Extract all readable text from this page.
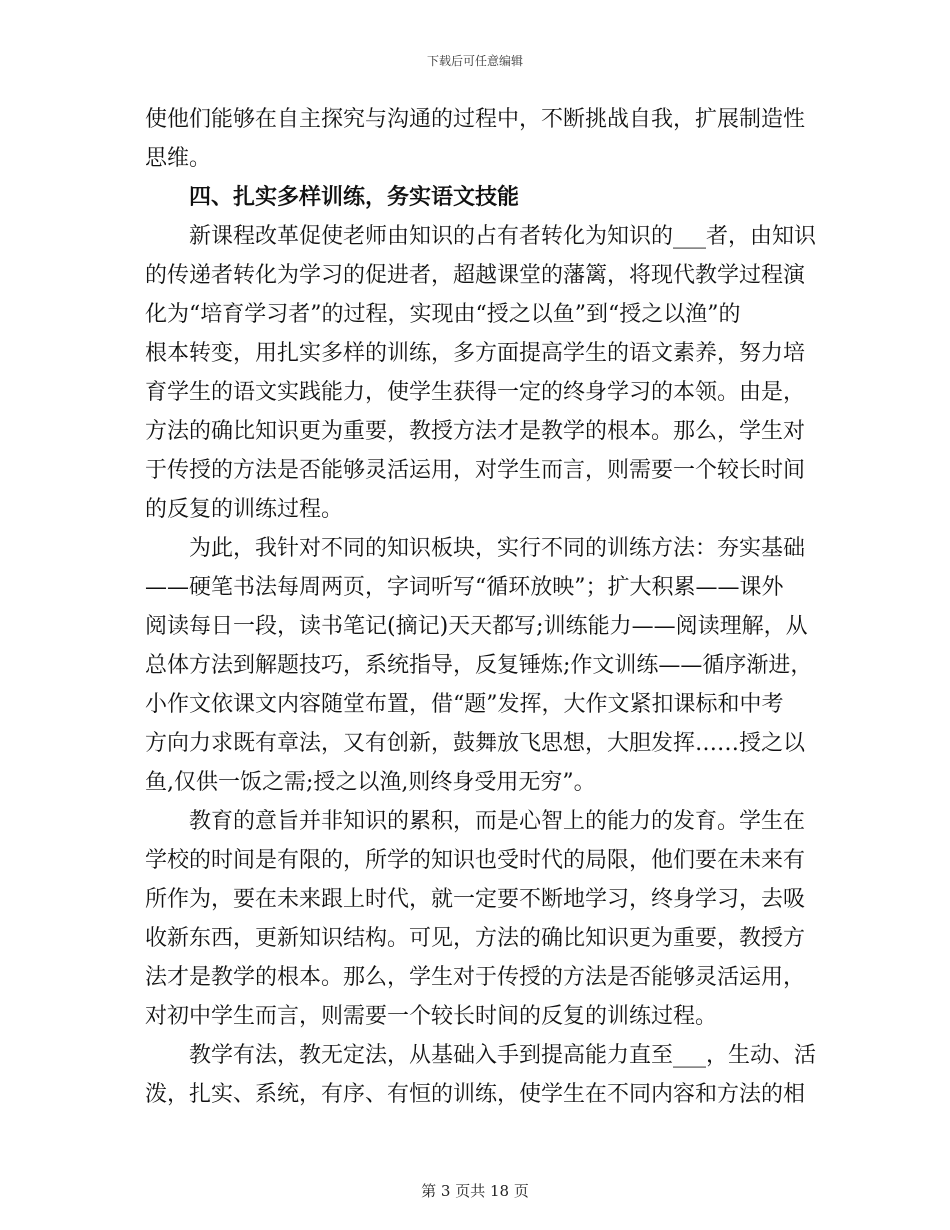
下载后可任意编辑
使他们能够在自主探究与沟通的过程中，不断挑战自我，扩展制造性
思维。
　　四、扎实多样训练，务实语文技能
　　新课程改革促使老师由知识的占有者转化为知识的___者，由知识
的传递者转化为学习的促进者，超越课堂的藩篱，将现代教学过程演
化为“培育学习者”的过程，实现由“授之以鱼”到“授之以渔”的
根本转变，用扎实多样的训练，多方面提高学生的语文素养，努力培
育学生的语文实践能力，使学生获得一定的终身学习的本领。由是，
方法的确比知识更为重要，教授方法才是教学的根本。那么，学生对
于传授的方法是否能够灵活运用，对学生而言，则需要一个较长时间
的反复的训练过程。
　　为此，我针对不同的知识板块，实行不同的训练方法：夯实基础
——硬笔书法每周两页，字词听写“循环放映”；扩大积累——课外
阅读每日一段，读书笔记(摘记)天天都写;训练能力——阅读理解，从
总体方法到解题技巧，系统指导，反复锤炼;作文训练——循序渐进，
小作文依课文内容随堂布置，借“题”发挥，大作文紧扣课标和中考
方向力求既有章法，又有创新，鼓舞放飞思想，大胆发挥……授之以
鱼,仅供一饭之需;授之以渔,则终身受用无穷”。
　　教育的意旨并非知识的累积，而是心智上的能力的发育。学生在
学校的时间是有限的，所学的知识也受时代的局限，他们要在未来有
所作为，要在未来跟上时代，就一定要不断地学习，终身学习，去吸
收新东西，更新知识结构。可见，方法的确比知识更为重要，教授方
法才是教学的根本。那么，学生对于传授的方法是否能够灵活运用，
对初中学生而言，则需要一个较长时间的反复的训练过程。
　　教学有法，教无定法，从基础入手到提高能力直至___，生动、活
泼，扎实、系统，有序、有恒的训练，使学生在不同内容和方法的相
第 3 页共 18 页
